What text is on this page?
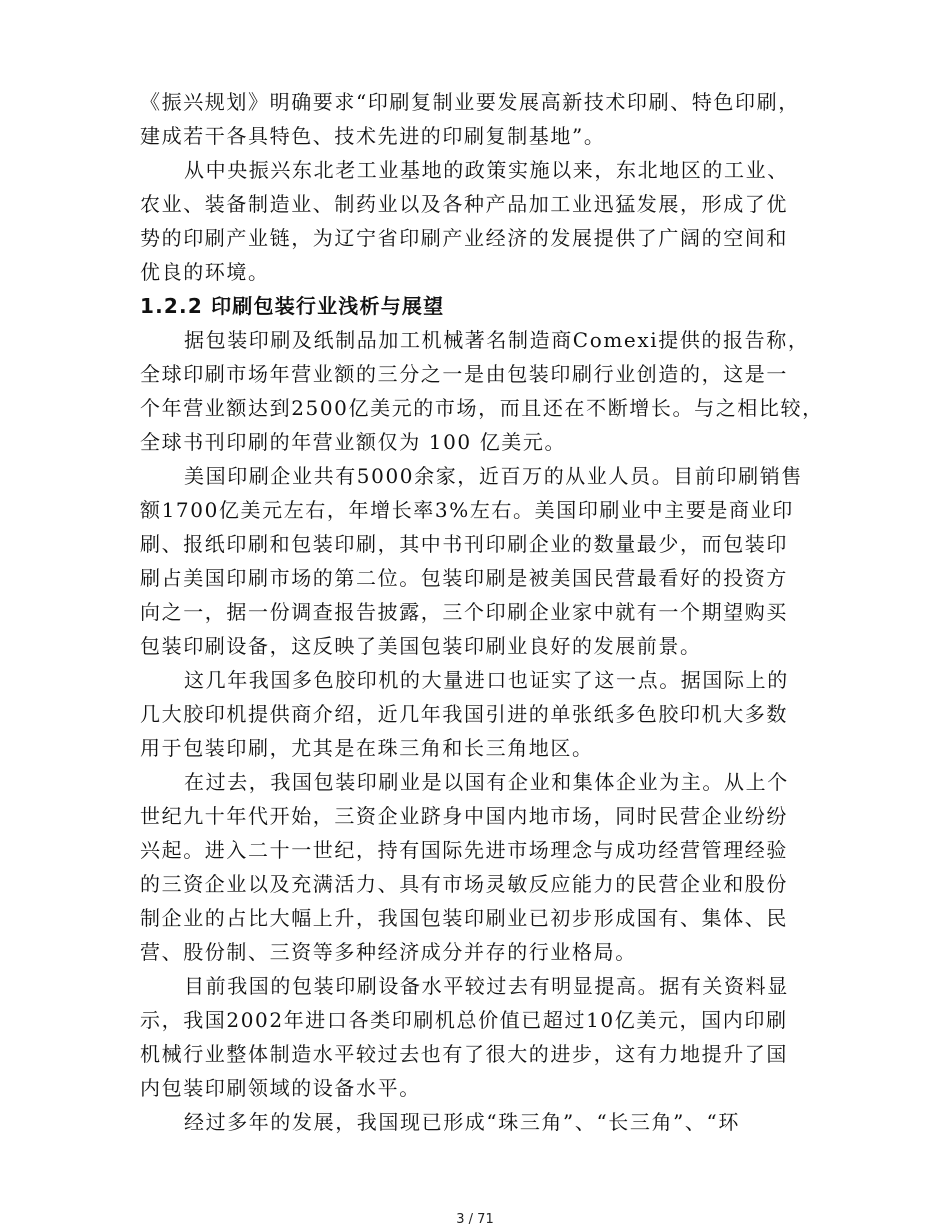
《振兴规划》明确要求“印刷复制业要发展高新技术印刷、特色印刷，
建成若干各具特色、技术先进的印刷复制基地”。
从中央振兴东北老工业基地的政策实施以来，东北地区的工业、
农业、装备制造业、制药业以及各种产品加工业迅猛发展，形成了优
势的印刷产业链，为辽宁省印刷产业经济的发展提供了广阔的空间和
优良的环境。
1.2.2 印刷包装行业浅析与展望
据包装印刷及纸制品加工机械著名制造商Comexi提供的报告称，
全球印刷市场年营业额的三分之一是由包装印刷行业创造的，这是一
个年营业额达到2500亿美元的市场，而且还在不断增长。与之相比较，
全球书刊印刷的年营业额仅为 100 亿美元。
美国印刷企业共有5000余家，近百万的从业人员。目前印刷销售
额1700亿美元左右，年增长率3%左右。美国印刷业中主要是商业印
刷、报纸印刷和包装印刷，其中书刊印刷企业的数量最少，而包装印
刷占美国印刷市场的第二位。包装印刷是被美国民营最看好的投资方
向之一，据一份调查报告披露，三个印刷企业家中就有一个期望购买
包装印刷设备，这反映了美国包装印刷业良好的发展前景。
这几年我国多色胶印机的大量进口也证实了这一点。据国际上的
几大胶印机提供商介绍，近几年我国引进的单张纸多色胶印机大多数
用于包装印刷，尤其是在珠三角和长三角地区。
在过去，我国包装印刷业是以国有企业和集体企业为主。从上个
世纪九十年代开始，三资企业跻身中国内地市场，同时民营企业纷纷
兴起。进入二十一世纪，持有国际先进市场理念与成功经营管理经验
的三资企业以及充满活力、具有市场灵敏反应能力的民营企业和股份
制企业的占比大幅上升，我国包装印刷业已初步形成国有、集体、民
营、股份制、三资等多种经济成分并存的行业格局。
目前我国的包装印刷设备水平较过去有明显提高。据有关资料显
示，我国2002年进口各类印刷机总价值已超过10亿美元，国内印刷
机械行业整体制造水平较过去也有了很大的进步，这有力地提升了国
内包装印刷领域的设备水平。
经过多年的发展，我国现已形成“珠三角”、“长三角”、“环
3 / 71
